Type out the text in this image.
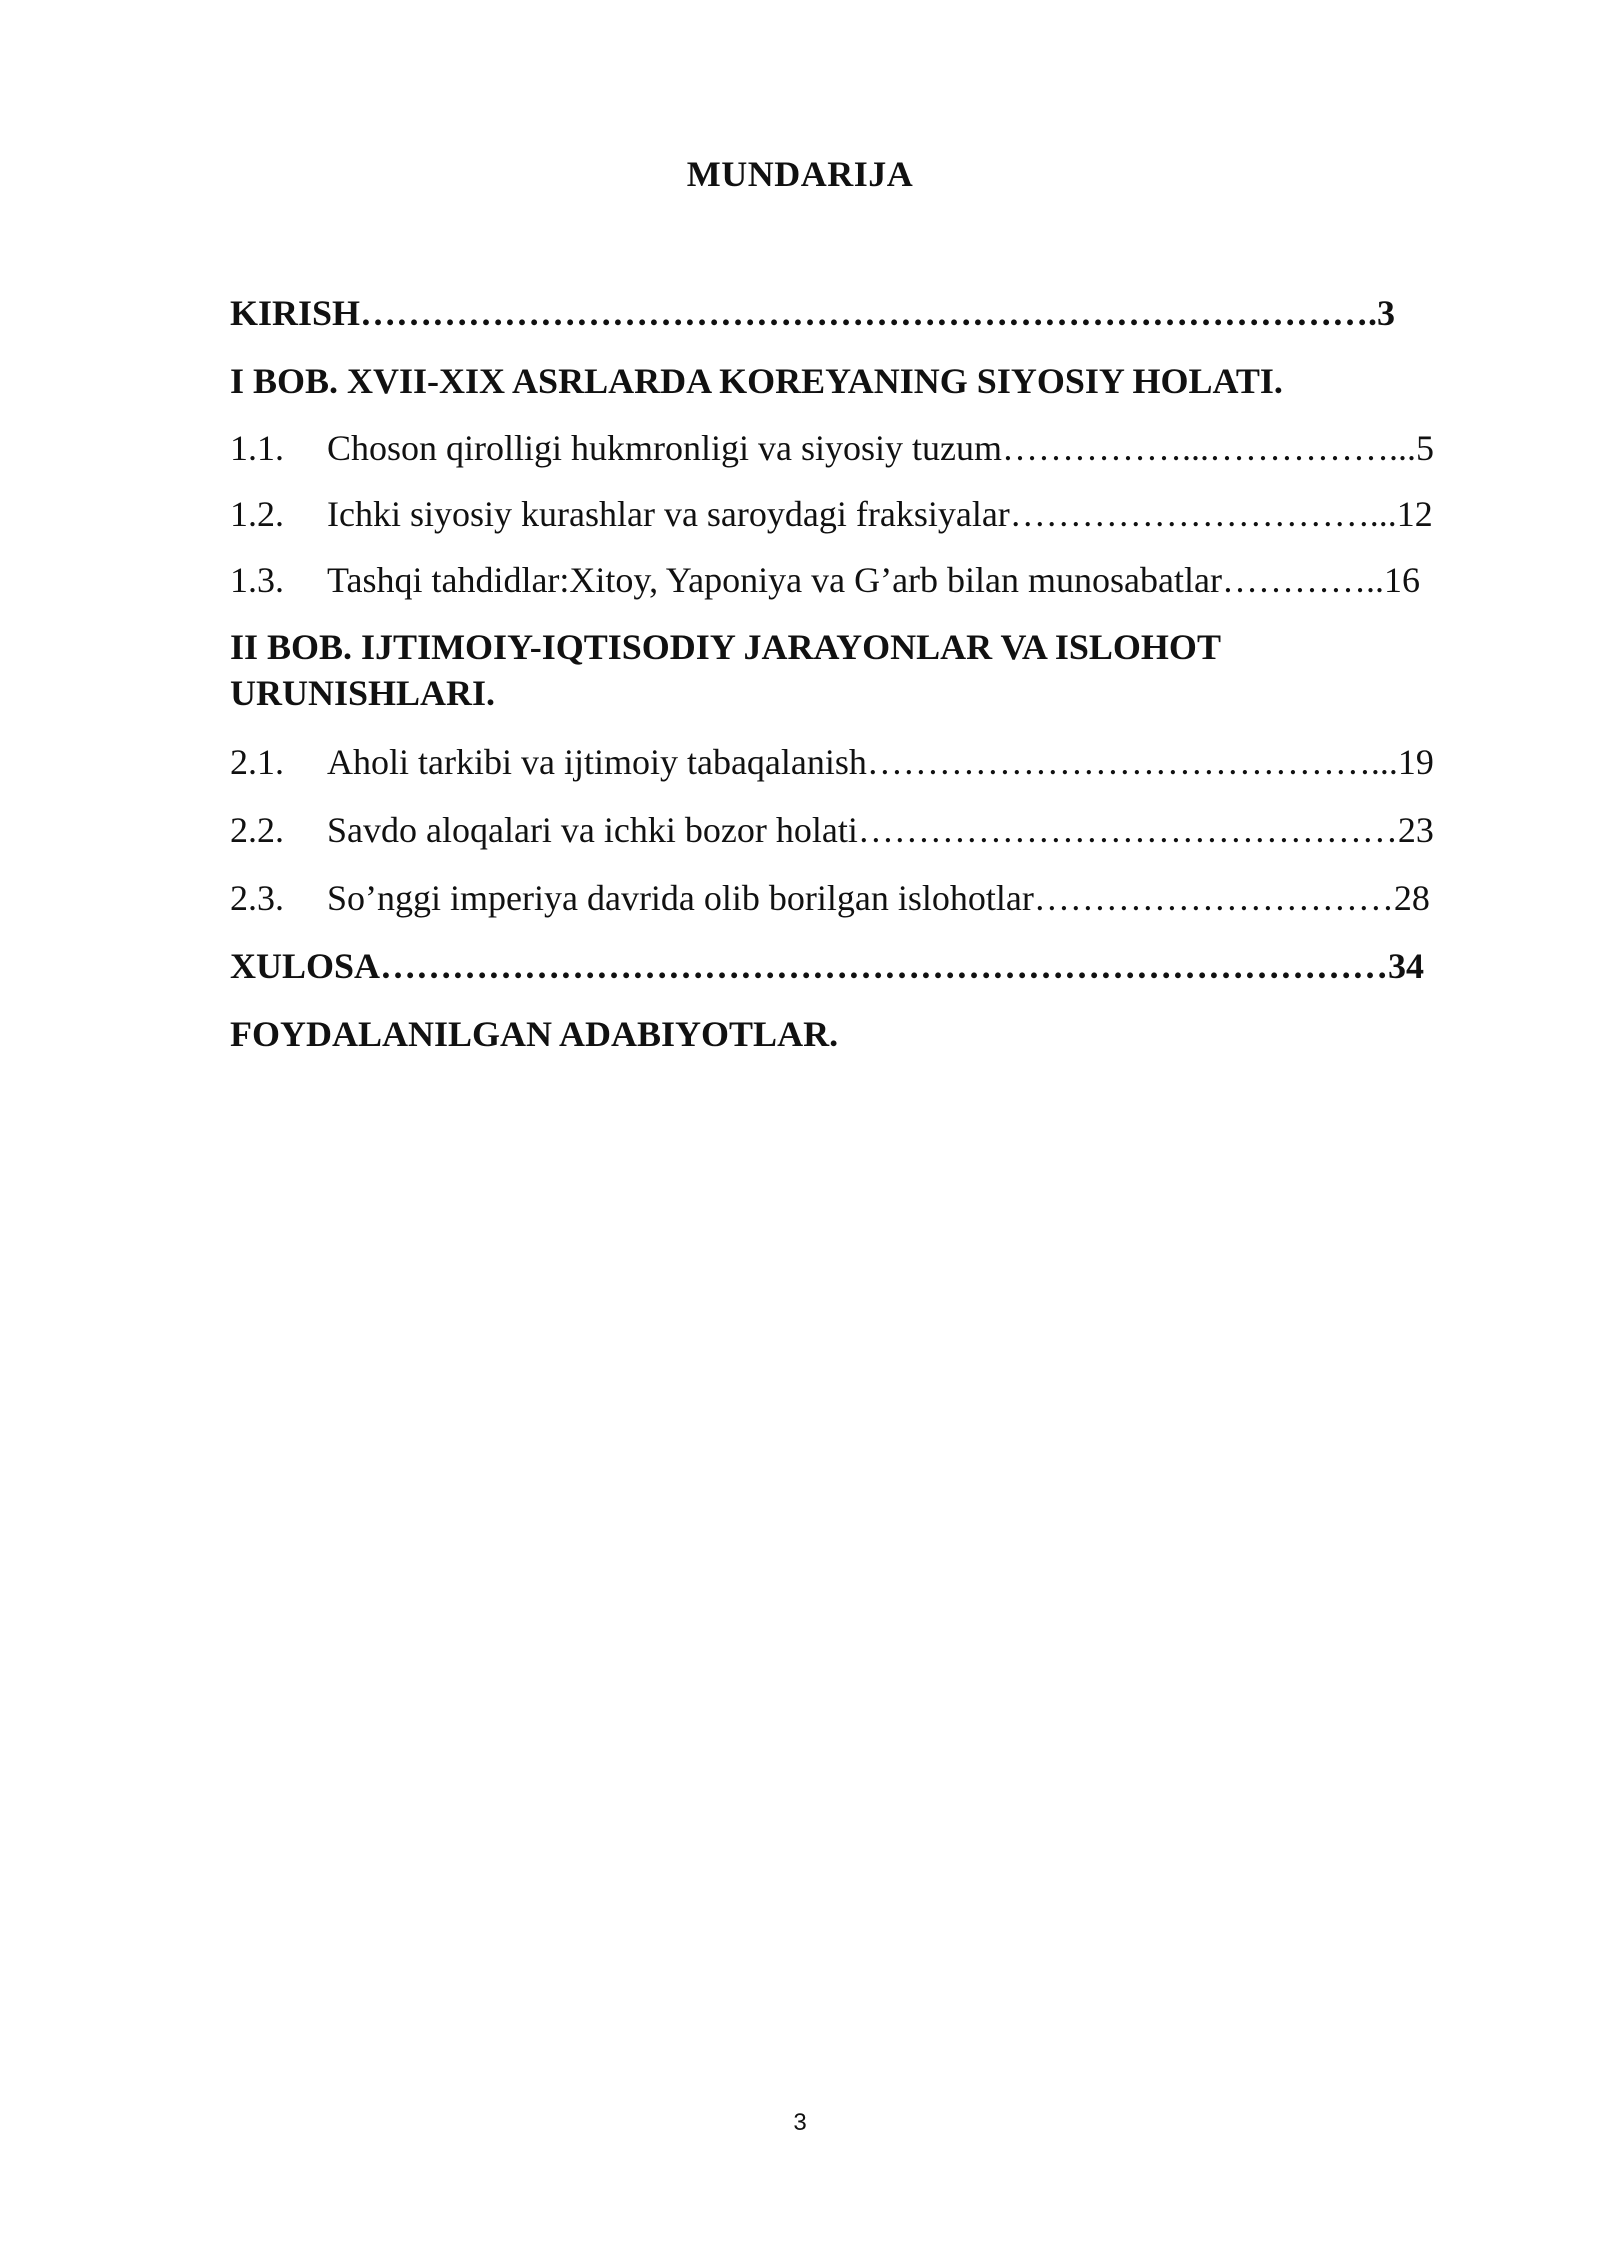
MUNDARIJA
KIRISH………………………………………………………………………….3
I BOB. XVII-XIX ASRLARDA KOREYANING SIYOSIY HOLATI.
1.1. Choson qirolligi hukmronligi va siyosiy tuzum……………...……………...5
1.2. Ichki siyosiy kurashlar va saroydagi fraksiyalar…………………………...12
1.3. Tashqi tahdidlar:Xitoy, Yaponiya va G’arb bilan munosabatlar…………..16
II BOB. IJTIMOIY-IQTISODIY JARAYONLAR VA ISLOHOT URUNISHLARI.
2.1. Aholi tarkibi va ijtimoiy tabaqalanish……………………………………...19
2.2. Savdo aloqalari va ichki bozor holati………………………………………23
2.3. So’nggi imperiya davrida olib borilgan islohotlar…………………………28
XULOSA…………………………………………………………………………34
FOYDALANILGAN ADABIYOTLAR.
3
